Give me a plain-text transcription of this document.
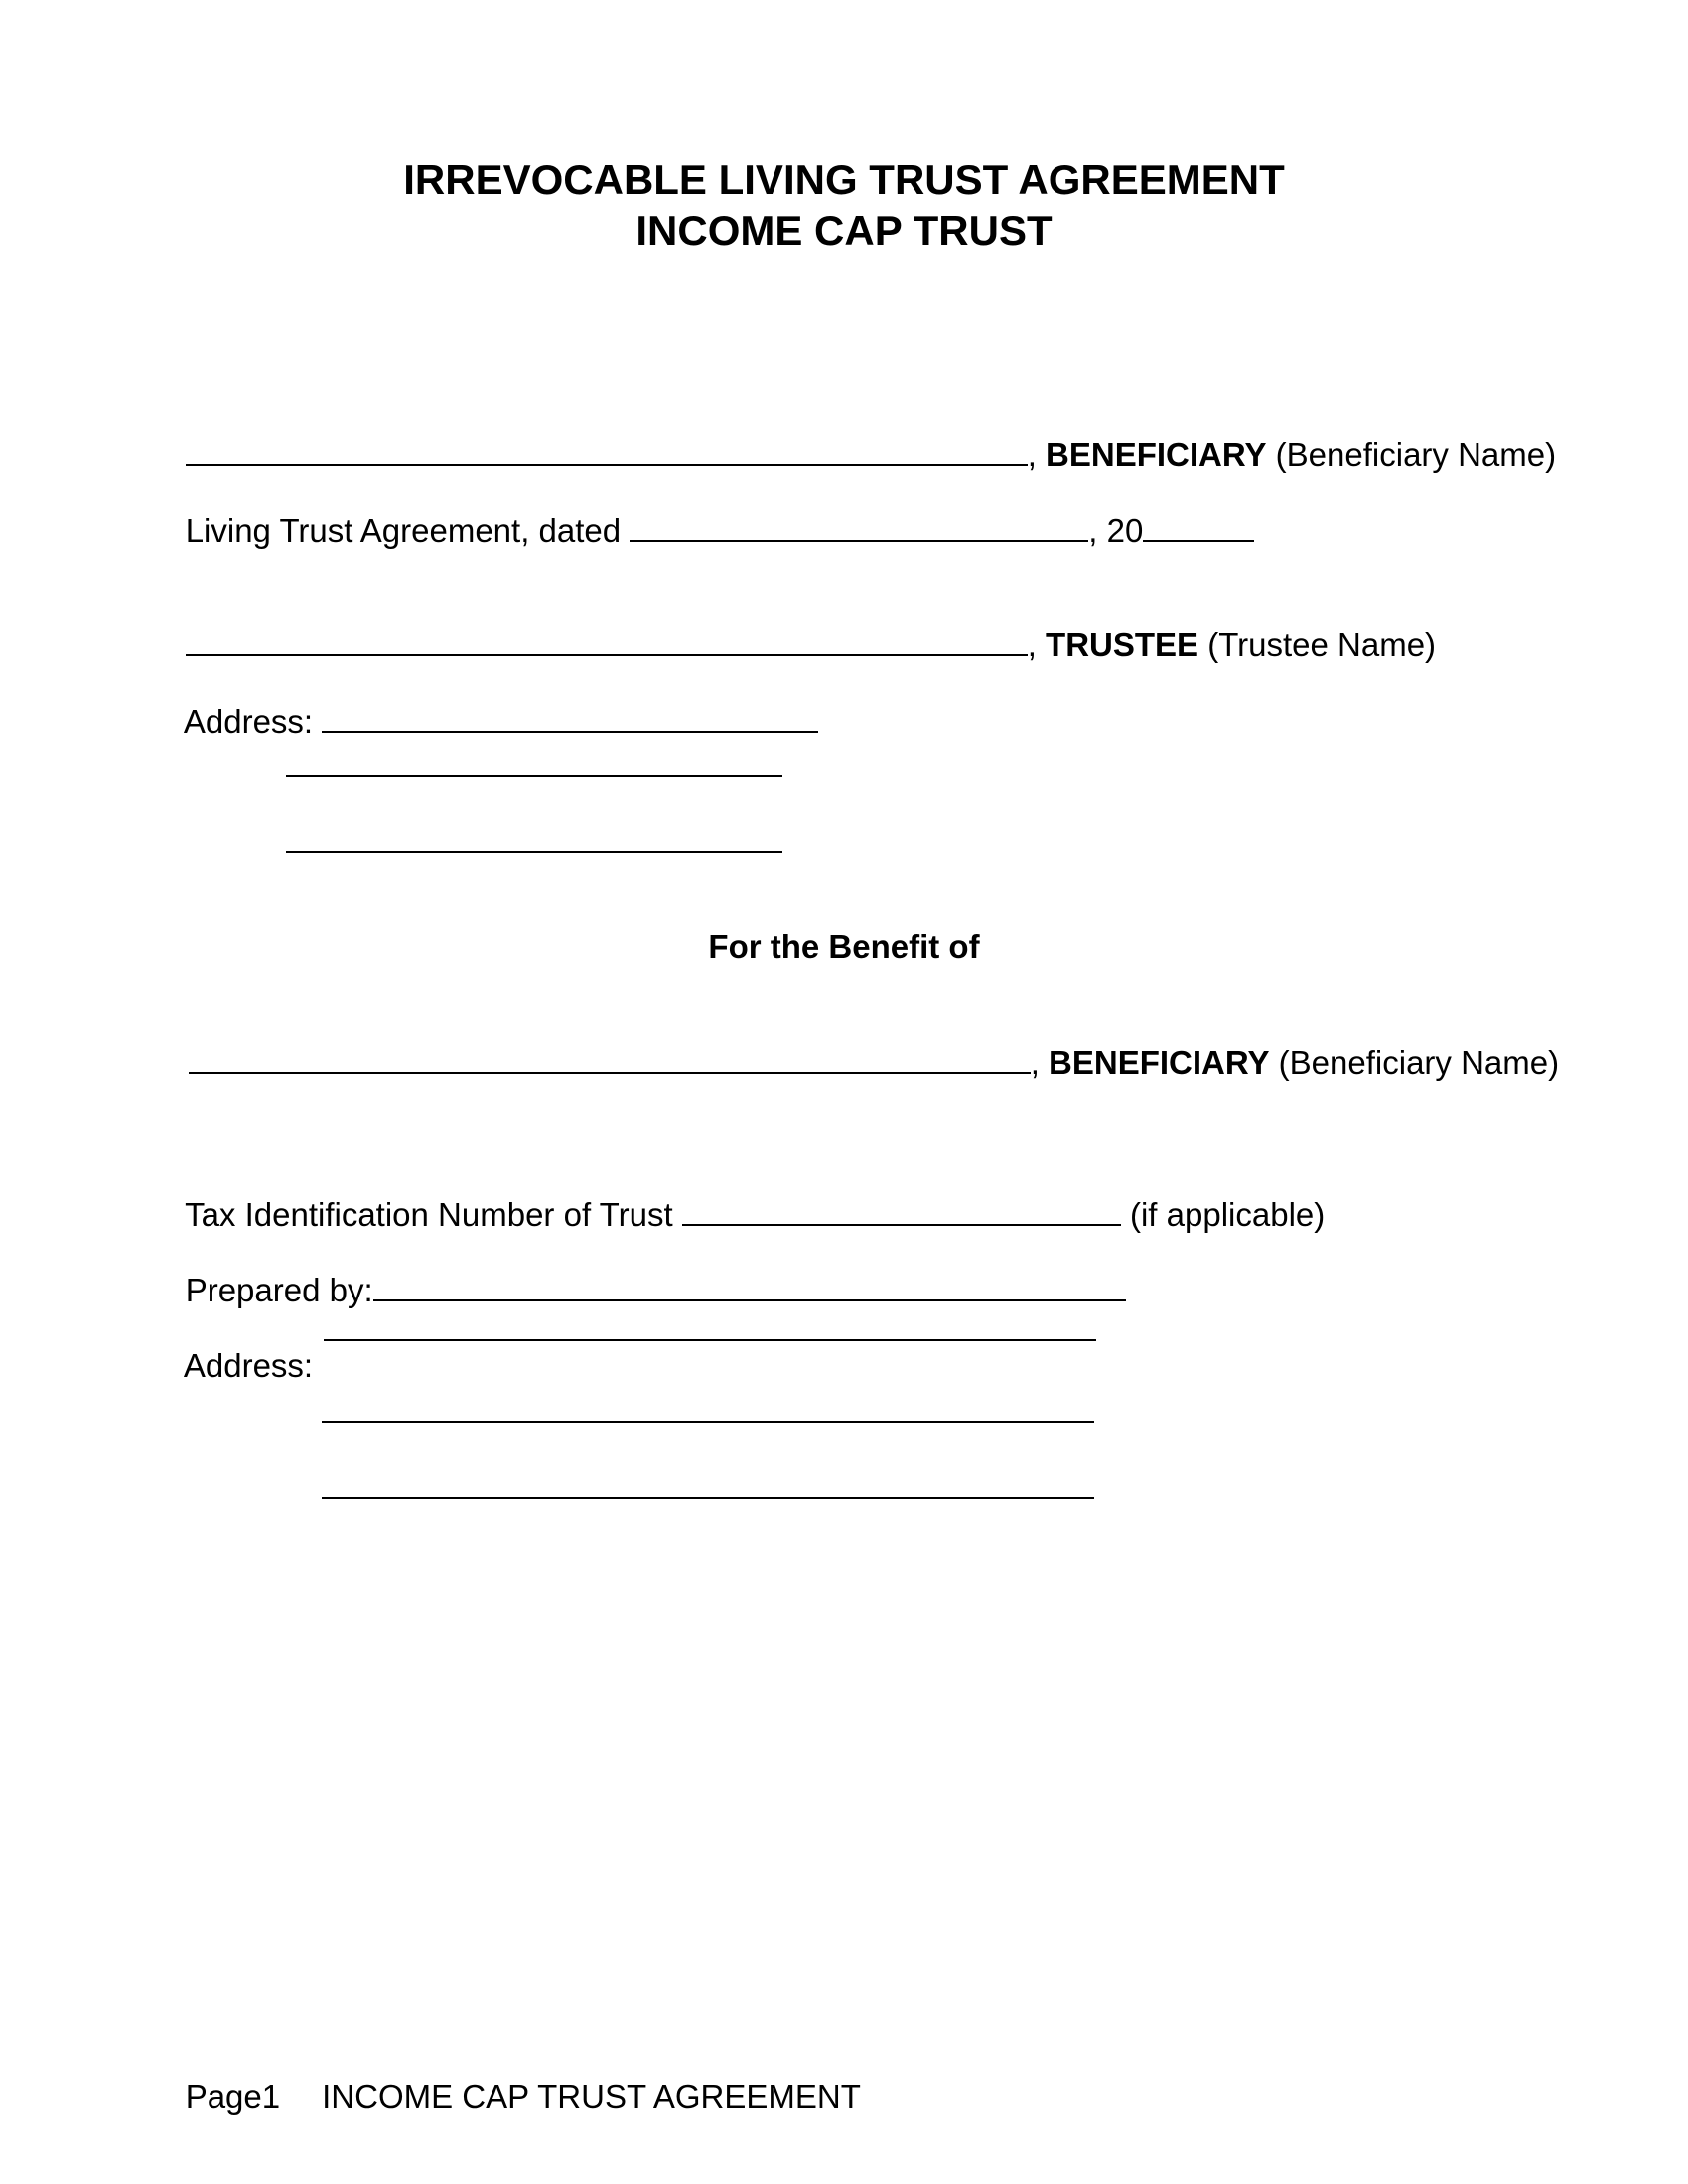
IRREVOCABLE LIVING TRUST AGREEMENT
INCOME CAP TRUST

, BENEFICIARY (Beneficiary Name)

Living Trust Agreement, dated	, 20

, TRUSTEE (Trustee Name)

Address:

For the Benefit of

, BENEFICIARY (Beneficiary Name)

Tax Identification Number of Trust	(if applicable)

Prepared by:

Address:

Page1 INCOME CAP TRUST AGREEMENT
